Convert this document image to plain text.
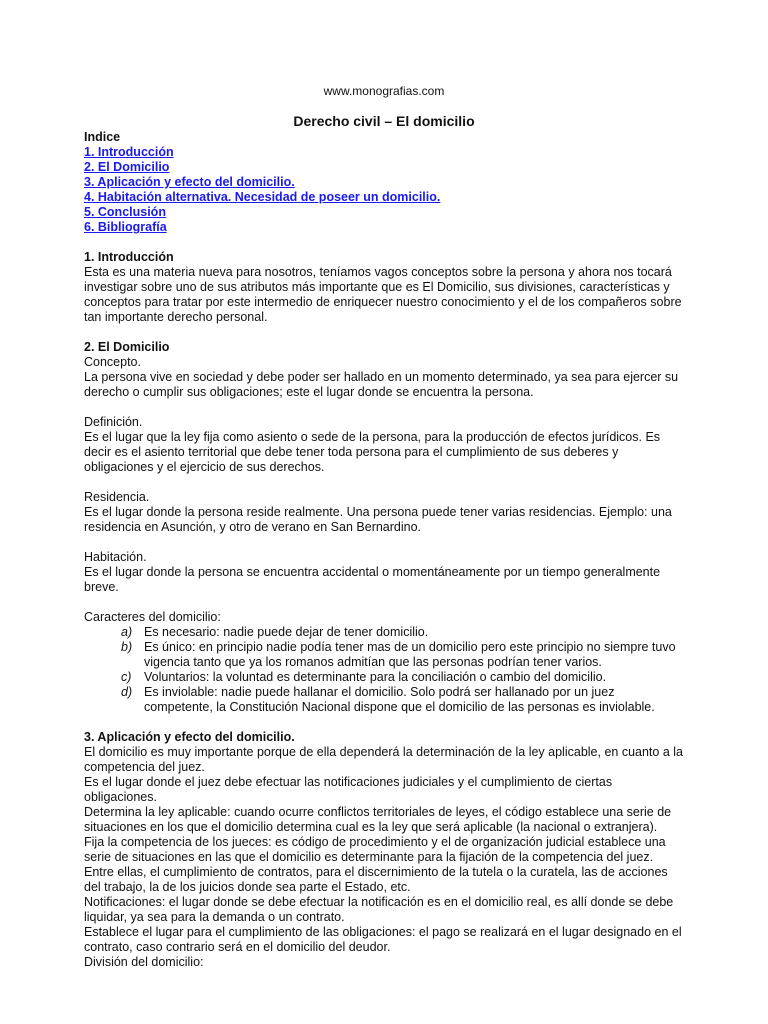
www.monografias.com
Derecho civil – El domicilio

Indice

1. Introducción
2. El Domicilio
3. Aplicación y efecto del domicilio.
4. Habitación alternativa. Necesidad de poseer un domicilio.
5. Conclusión
6. Bibliografía

1. Introducción

Esta es una materia nueva para nosotros, teníamos vagos conceptos sobre la persona y ahora nos tocará investigar sobre uno de sus atributos más importante que es El Domicilio, sus divisiones, características y conceptos para tratar por este intermedio de enriquecer nuestro conocimiento y el de los compañeros sobre tan importante derecho personal.

2. El Domicilio

Concepto.

La persona vive en sociedad y debe poder ser hallado en un momento determinado, ya sea para ejercer su derecho o cumplir sus obligaciones; este el lugar donde se encuentra la persona.

Definición.

Es el lugar que la ley fija como asiento o sede de la persona, para la producción de efectos jurídicos. Es decir es el asiento territorial que debe tener toda persona para el cumplimiento de sus deberes y obligaciones y el ejercicio de sus derechos.

Residencia.

Es el lugar donde la persona reside realmente. Una persona puede tener varias residencias. Ejemplo: una residencia en Asunción, y otro de verano en San Bernardino.

Habitación.

Es el lugar donde la persona se encuentra accidental o momentáneamente por un tiempo generalmente breve.

Caracteres del domicilio:

a) Es necesario: nadie puede dejar de tener domicilio.
b) Es único: en principio nadie podía tener mas de un domicilio pero este principio no siempre tuvo vigencia tanto que ya los romanos admitían que las personas podrían tener varios.
c) Voluntarios: la voluntad es determinante para la conciliación o cambio del domicilio.
d) Es inviolable: nadie puede hallanar el domicilio. Solo podrá ser hallanado por un juez competente, la Constitución Nacional dispone que el domicilio de las personas es inviolable.

3. Aplicación y efecto del domicilio.

El domicilio es muy importante porque de ella dependerá la determinación de la ley aplicable, en cuanto a la competencia del juez.

Es el lugar donde el juez debe efectuar las notificaciones judiciales y el cumplimiento de ciertas obligaciones.

Determina la ley aplicable: cuando ocurre conflictos territoriales de leyes, el código establece una serie de situaciones en los que el domicilio determina cual es la ley que será aplicable (la nacional o extranjera).

Fija la competencia de los jueces: es código de procedimiento y el de organización judicial establece una serie de situaciones en las que el domicilio es determinante para la fijación de la competencia del juez. Entre ellas, el cumplimiento de contratos, para el discernimiento de la tutela o la curatela, las de acciones del trabajo, la de los juicios donde sea parte el Estado, etc.

Notificaciones: el lugar donde se debe efectuar la notificación es en el domicilio real, es allí donde se debe liquidar, ya sea para la demanda o un contrato.

Establece el lugar para el cumplimiento de las obligaciones: el pago se realizará en el lugar designado en el contrato, caso contrario será en el domicilio del deudor.

División del domicilio:
